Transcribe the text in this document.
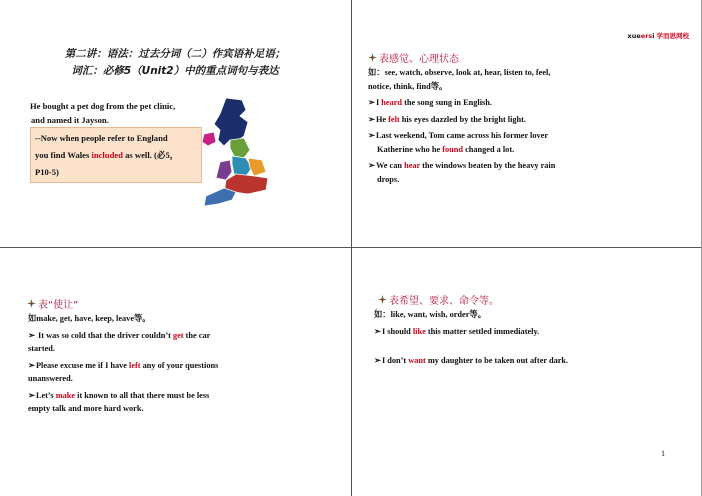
第二讲：语法：过去分词（二）作宾语补足语；
词汇：必修5（Unit2）中的重点词句与表达
He bought a pet dog from the pet clinic,
and named it Jayson.
--Now when people refer to England
you find Wales included as well. (必5，
P10-5)
xueersi 学而思网校
表感觉、心理状态

如：see, watch, observe, look at, hear, listen to, feel,

notice, think, find等。

➢I heard the song sung in English.

➢He felt his eyes dazzled by the bright light.

➢Last weekend, Tom came across his former lover

Katherine who he found changed a lot.

➢We can hear the windows beaten by the heavy rain

drops.

表“使让”

如make, get, have, keep, leave等。

➢ It was so cold that the driver couldn’t get the car

started.

➢Please excuse me if I have left any of your questions

unanswered.

➢Let’s make it known to all that there must be less

empty talk and more hard work.

表希望、要求、命令等。

如：like, want, wish, order等。

➢I should like this matter settled immediately.

➢I don’t want my daughter to be taken out after dark.

1
